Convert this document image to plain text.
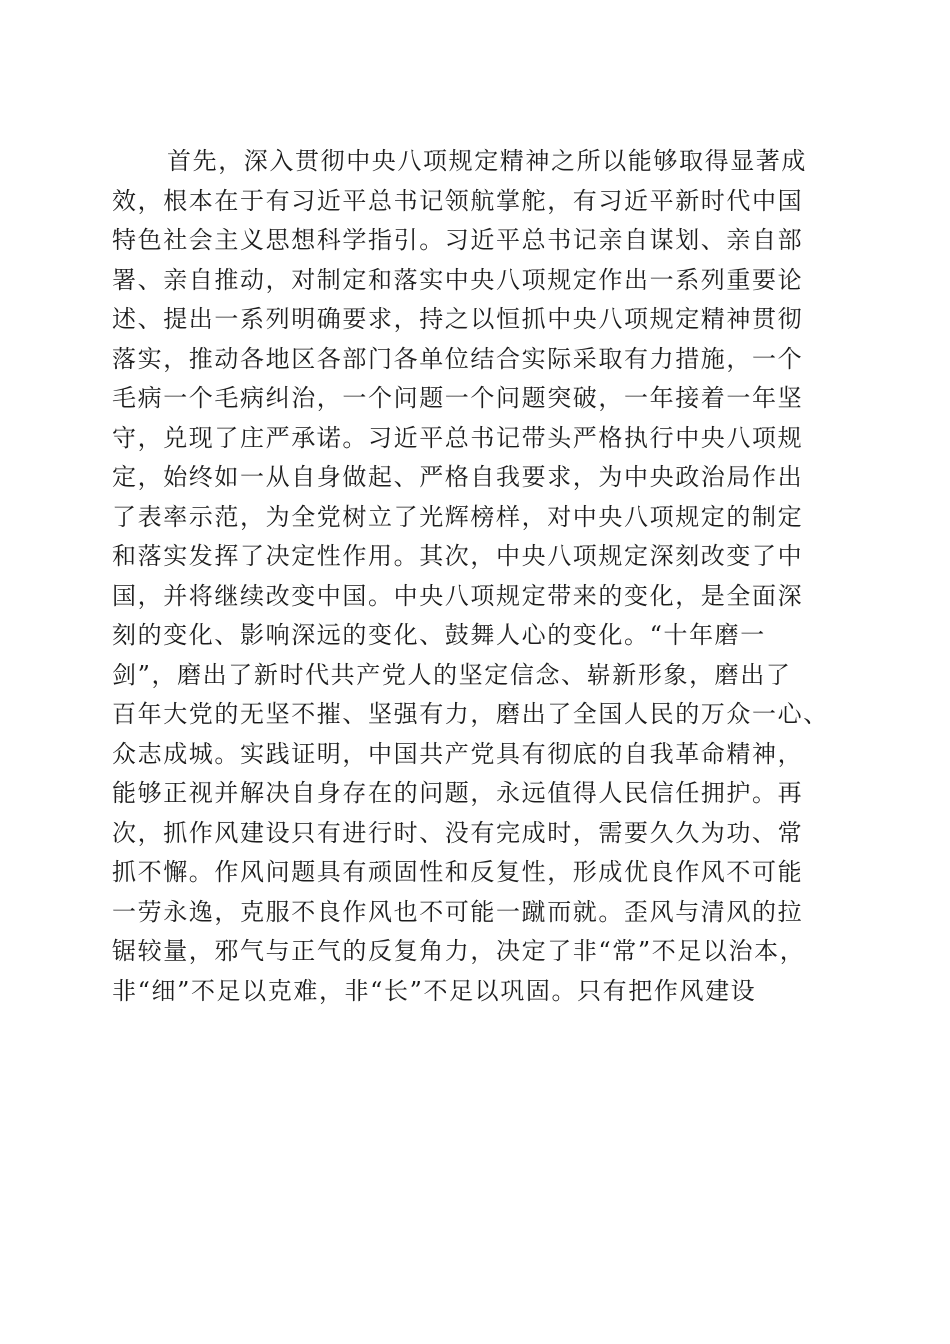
首先，深入贯彻中央八项规定精神之所以能够取得显著成
效，根本在于有习近平总书记领航掌舵，有习近平新时代中国
特色社会主义思想科学指引。习近平总书记亲自谋划、亲自部
署、亲自推动，对制定和落实中央八项规定作出一系列重要论
述、提出一系列明确要求，持之以恒抓中央八项规定精神贯彻
落实，推动各地区各部门各单位结合实际采取有力措施，一个
毛病一个毛病纠治，一个问题一个问题突破，一年接着一年坚
守，兑现了庄严承诺。习近平总书记带头严格执行中央八项规
定，始终如一从自身做起、严格自我要求，为中央政治局作出
了表率示范，为全党树立了光辉榜样，对中央八项规定的制定
和落实发挥了决定性作用。其次，中央八项规定深刻改变了中
国，并将继续改变中国。中央八项规定带来的变化，是全面深
刻的变化、影响深远的变化、鼓舞人心的变化。“十年磨一
剑”，磨出了新时代共产党人的坚定信念、崭新形象，磨出了
百年大党的无坚不摧、坚强有力，磨出了全国人民的万众一心、
众志成城。实践证明，中国共产党具有彻底的自我革命精神，
能够正视并解决自身存在的问题，永远值得人民信任拥护。再
次，抓作风建设只有进行时、没有完成时，需要久久为功、常
抓不懈。作风问题具有顽固性和反复性，形成优良作风不可能
一劳永逸，克服不良作风也不可能一蹴而就。歪风与清风的拉
锯较量，邪气与正气的反复角力，决定了非“常”不足以治本，
非“细”不足以克难，非“长”不足以巩固。只有把作风建设
